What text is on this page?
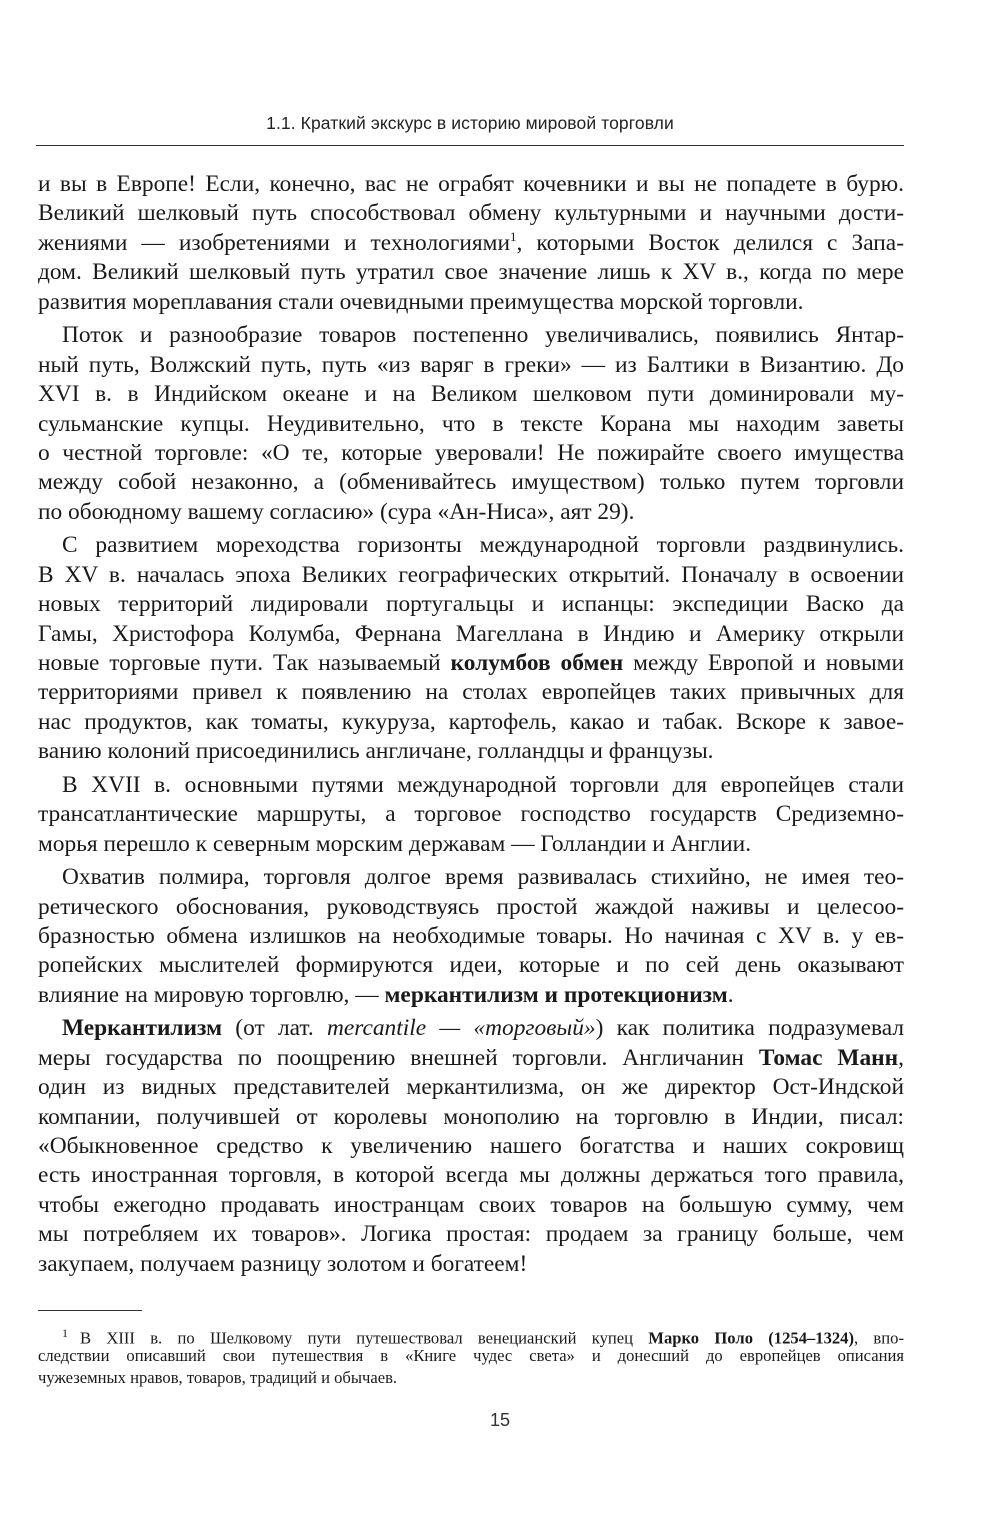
1.1. Краткий экскурс в историю мировой торговли
и вы в Европе! Если, конечно, вас не ограбят кочевники и вы не попадете в бурю.
Великий шелковый путь способствовал обмену культурными и научными дости-
жениями — изобретениями и технологиями$^1$, которыми Восток делился с Запа-
дом. Великий шелковый путь утратил свое значение лишь к XV в., когда по мере
развития мореплавания стали очевидными преимущества морской торговли.
Поток и разнообразие товаров постепенно увеличивались, появились Янтар-
ный путь, Волжский путь, путь «из варяг в греки» — из Балтики в Византию. До
XVI в. в Индийском океане и на Великом шелковом пути доминировали му-
сульманские купцы. Неудивительно, что в тексте Корана мы находим заветы
о честной торговле: «О те, которые уверовали! Не пожирайте своего имущества
между собой незаконно, а (обменивайтесь имуществом) только путем торговли
по обоюдному вашему согласию» (сура «Ан-Ниса», аят 29).
С развитием мореходства горизонты международной торговли раздвинулись.
В XV в. началась эпоха Великих географических открытий. Поначалу в освоении
новых территорий лидировали португальцы и испанцы: экспедиции Васко да
Гамы, Христофора Колумба, Фернана Магеллана в Индию и Америку открыли
новые торговые пути. Так называемый колумбов обмен между Европой и новыми
территориями привел к появлению на столах европейцев таких привычных для
нас продуктов, как томаты, кукуруза, картофель, какао и табак. Вскоре к завое-
ванию колоний присоединились англичане, голландцы и французы.
В XVII в. основными путями международной торговли для европейцев стали
трансатлантические маршруты, а торговое господство государств Средиземно-
морья перешло к северным морским державам — Голландии и Англии.
Охватив полмира, торговля долгое время развивалась стихийно, не имея тео-
ретического обоснования, руководствуясь простой жаждой наживы и целесоо-
бразностью обмена излишков на необходимые товары. Но начиная с XV в. у ев-
ропейских мыслителей формируются идеи, которые и по сей день оказывают
влияние на мировую торговлю, — меркантилизм и протекционизм.
Меркантилизм (от лат. mercantile — «торговый») как политика подразумевал
меры государства по поощрению внешней торговли. Англичанин Томас Манн,
один из видных представителей меркантилизма, он же директор Ост-Индской
компании, получившей от королевы монополию на торговлю в Индии, писал:
«Обыкновенное средство к увеличению нашего богатства и наших сокровищ
есть иностранная торговля, в которой всегда мы должны держаться того правила,
чтобы ежегодно продавать иностранцам своих товаров на большую сумму, чем
мы потребляем их товаров». Логика простая: продаем за границу больше, чем
закупаем, получаем разницу золотом и богатеем!
$^1$ В XIII в. по Шелковому пути путешествовал венецианский купец Марко Поло (1254–1324), впо-
следствии описавший свои путешествия в «Книге чудес света» и донесший до европейцев описания
чужеземных нравов, товаров, традиций и обычаев.
15
